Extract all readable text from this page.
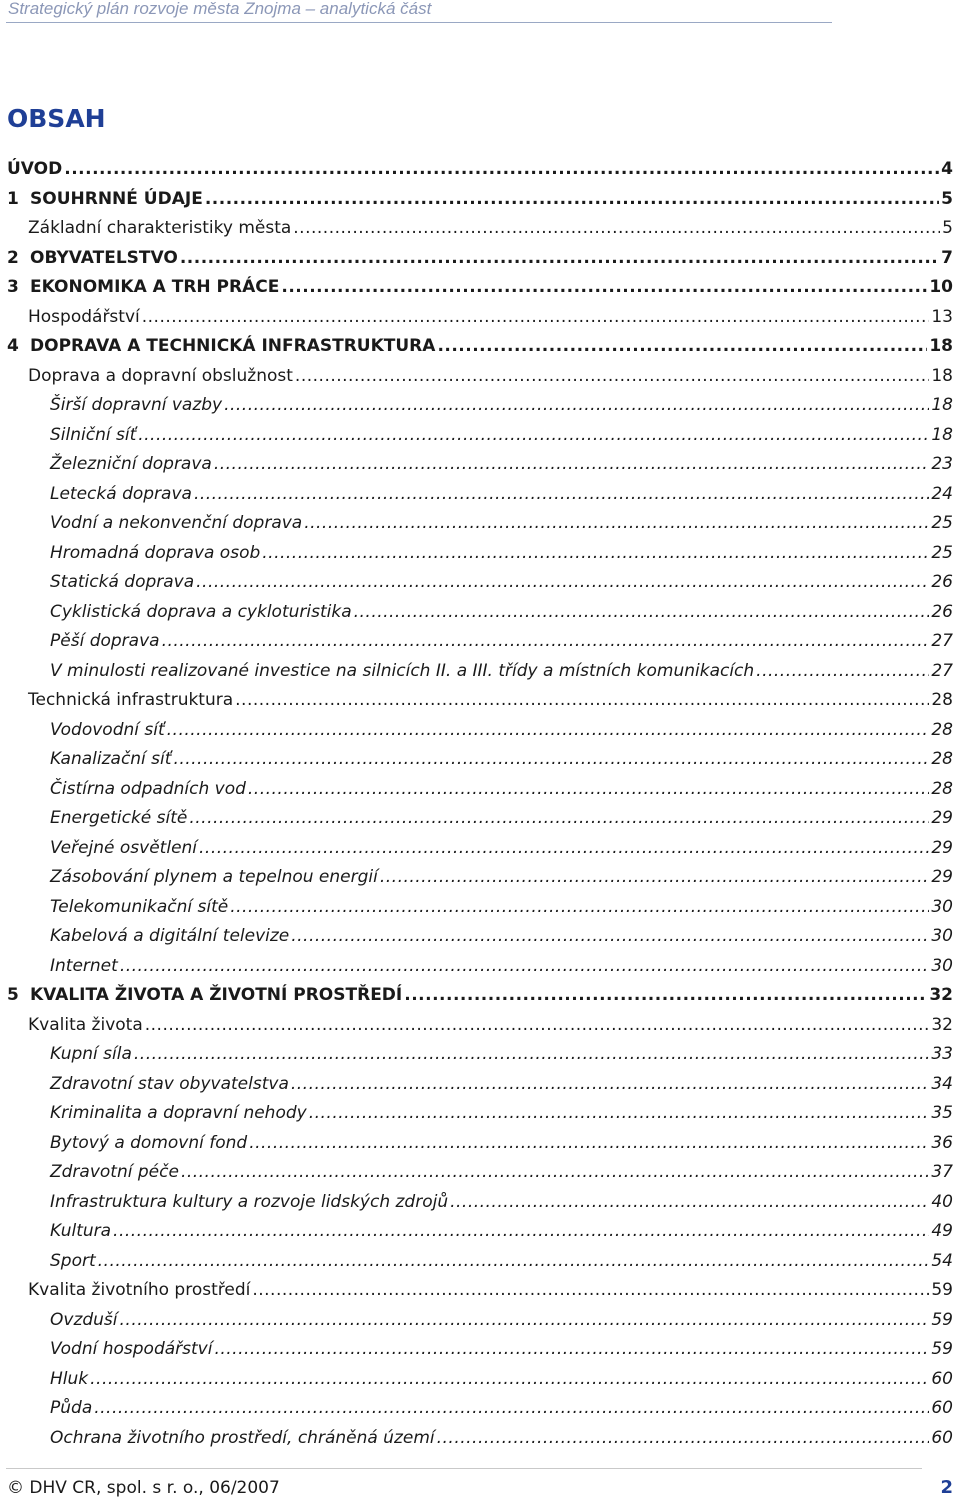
Strategický plán rozvoje města Znojma – analytická část
OBSAH
ÚVOD .....	4
1 SOUHRNNÉ ÚDAJE .....	5
Základní charakteristiky města .....	5
2 OBYVATELSTVO .....	7
3 EKONOMIKA A TRH PRÁCE .....	10
Hospodářství .....	13
4 DOPRAVA A TECHNICKÁ INFRASTRUKTURA .....	18
Doprava a dopravní obslužnost .....	18
Širší dopravní vazby .....	18
Silniční síť .....	18
Železniční doprava .....	23
Letecká doprava .....	24
Vodní a nekonvenční doprava .....	25
Hromadná doprava osob .....	25
Statická doprava .....	26
Cyklistická doprava a cykloturistika .....	26
Pěší doprava .....	27
V minulosti realizované investice na silnicích II. a III. třídy a místních komunikacích .....	27
Technická infrastruktura .....	28
Vodovodní síť .....	28
Kanalizační síť .....	28
Čistírna odpadních vod .....	28
Energetické sítě .....	29
Veřejné osvětlení .....	29
Zásobování plynem a tepelnou energií .....	29
Telekomunikační sítě .....	30
Kabelová a digitální televize .....	30
Internet .....	30
5 KVALITA ŽIVOTA A ŽIVOTNÍ PROSTŘEDÍ .....	32
Kvalita života .....	32
Kupní síla .....	33
Zdravotní stav obyvatelstva .....	34
Kriminalita a dopravní nehody .....	35
Bytový a domovní fond .....	36
Zdravotní péče .....	37
Infrastruktura kultury a rozvoje lidských zdrojů .....	40
Kultura .....	49
Sport .....	54
Kvalita životního prostředí .....	59
Ovzduší .....	59
Vodní hospodářství .....	59
Hluk .....	60
Půda .....	60
Ochrana životního prostředí, chráněná území .....	60
© DHV CR, spol. s r. o., 06/2007	2
